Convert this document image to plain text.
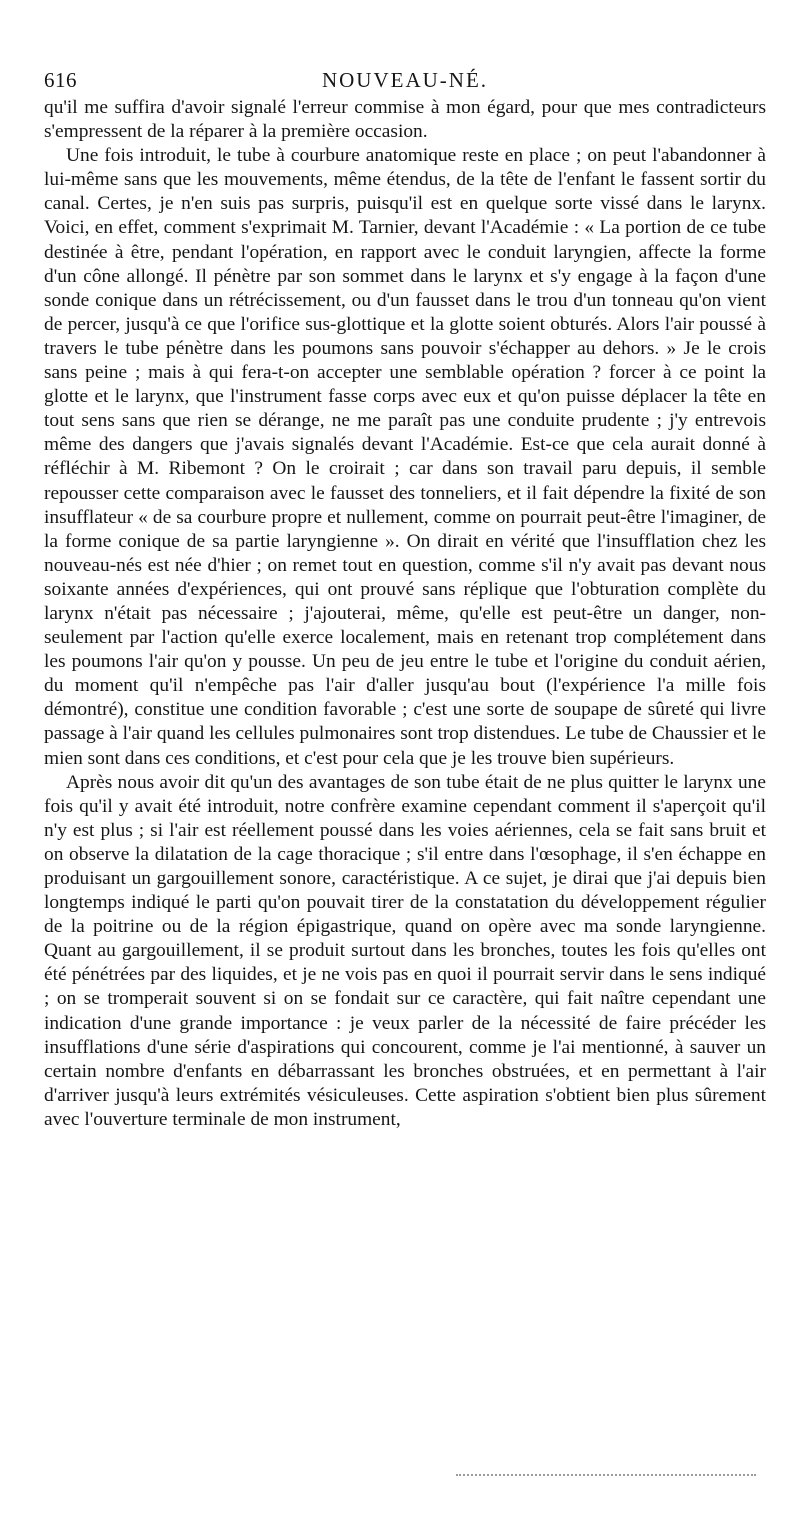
616	NOUVEAU-NÉ.

qu'il me suffira d'avoir signalé l'erreur commise à mon égard, pour que mes contradicteurs s'empressent de la réparer à la première occasion.

Une fois introduit, le tube à courbure anatomique reste en place ; on peut l'abandonner à lui-même sans que les mouvements, même étendus, de la tête de l'enfant le fassent sortir du canal. Certes, je n'en suis pas surpris, puisqu'il est en quelque sorte vissé dans le larynx. Voici, en effet, comment s'exprimait M. Tarnier, devant l'Académie : « La portion de ce tube destinée à être, pendant l'opération, en rapport avec le conduit laryngien, affecte la forme d'un cône allongé. Il pénètre par son sommet dans le larynx et s'y engage à la façon d'une sonde conique dans un rétrécissement, ou d'un fausset dans le trou d'un tonneau qu'on vient de percer, jusqu'à ce que l'orifice sus-glottique et la glotte soient obturés. Alors l'air poussé à travers le tube pénètre dans les poumons sans pouvoir s'échapper au dehors. » Je le crois sans peine ; mais à qui fera-t-on accepter une semblable opération ? forcer à ce point la glotte et le larynx, que l'instrument fasse corps avec eux et qu'on puisse déplacer la tête en tout sens sans que rien se dérange, ne me paraît pas une conduite prudente ; j'y entrevois même des dangers que j'avais signalés devant l'Académie. Est-ce que cela aurait donné à réfléchir à M. Ribemont ? On le croirait ; car dans son travail paru depuis, il semble repousser cette comparaison avec le fausset des tonneliers, et il fait dépendre la fixité de son insufflateur « de sa courbure propre et nullement, comme on pourrait peut-être l'imaginer, de la forme conique de sa partie laryngienne ». On dirait en vérité que l'insufflation chez les nouveau-nés est née d'hier ; on remet tout en question, comme s'il n'y avait pas devant nous soixante années d'expériences, qui ont prouvé sans réplique que l'obturation complète du larynx n'était pas nécessaire ; j'ajouterai, même, qu'elle est peut-être un danger, non-seulement par l'action qu'elle exerce localement, mais en retenant trop complétement dans les poumons l'air qu'on y pousse. Un peu de jeu entre le tube et l'origine du conduit aérien, du moment qu'il n'empêche pas l'air d'aller jusqu'au bout (l'expérience l'a mille fois démontré), constitue une condition favorable ; c'est une sorte de soupape de sûreté qui livre passage à l'air quand les cellules pulmonaires sont trop distendues. Le tube de Chaussier et le mien sont dans ces conditions, et c'est pour cela que je les trouve bien supérieurs.

Après nous avoir dit qu'un des avantages de son tube était de ne plus quitter le larynx une fois qu'il y avait été introduit, notre confrère examine cependant comment il s'aperçoit qu'il n'y est plus ; si l'air est réellement poussé dans les voies aériennes, cela se fait sans bruit et on observe la dilatation de la cage thoracique ; s'il entre dans l'œsophage, il s'en échappe en produisant un gargouillement sonore, caractéristique. A ce sujet, je dirai que j'ai depuis bien longtemps indiqué le parti qu'on pouvait tirer de la constatation du développement régulier de la poitrine ou de la région épigastrique, quand on opère avec ma sonde laryngienne. Quant au gargouillement, il se produit surtout dans les bronches, toutes les fois qu'elles ont été pénétrées par des liquides, et je ne vois pas en quoi il pourrait servir dans le sens indiqué ; on se tromperait souvent si on se fondait sur ce caractère, qui fait naître cependant une indication d'une grande importance : je veux parler de la nécessité de faire précéder les insufflations d'une série d'aspirations qui concourent, comme je l'ai mentionné, à sauver un certain nombre d'enfants en débarrassant les bronches obstruées, et en permettant à l'air d'arriver jusqu'à leurs extrémités vésiculeuses. Cette aspiration s'obtient bien plus sûrement avec l'ouverture terminale de mon instrument,
